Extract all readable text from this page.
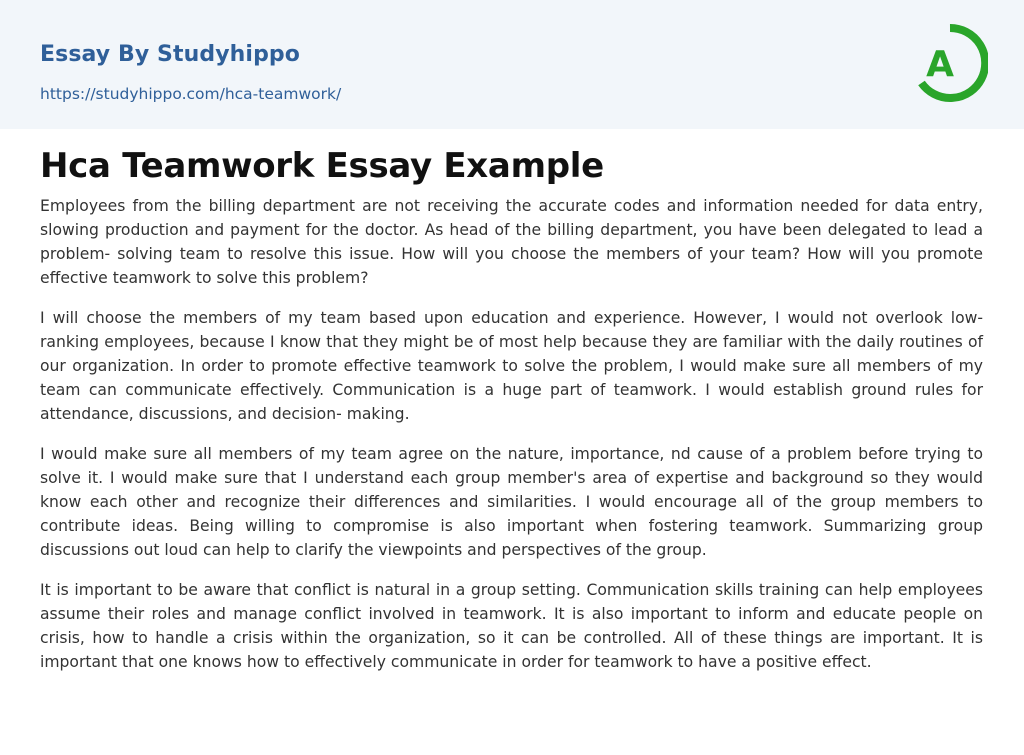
Essay By Studyhippo
https://studyhippo.com/hca-teamwork/
A
Hca Teamwork Essay Example

Employees from the billing department are not receiving the accurate codes and information needed for data entry, slowing production and payment for the doctor. As head of the billing department, you have been delegated to lead a problem- solving team to resolve this issue. How will you choose the members of your team? How will you promote effective teamwork to solve this problem?

I will choose the members of my team based upon education and experience. However, I would not overlook low-ranking employees, because I know that they might be of most help because they are familiar with the daily routines of our organization. In order to promote effective teamwork to solve the problem, I would make sure all members of my team can communicate effectively. Communication is a huge part of teamwork. I would establish ground rules for attendance, discussions, and decision- making.

I would make sure all members of my team agree on the nature, importance, nd cause of a problem before trying to solve it. I would make sure that I understand each group member's area of expertise and background so they would know each other and recognize their differences and similarities. I would encourage all of the group members to contribute ideas. Being willing to compromise is also important when fostering teamwork. Summarizing group discussions out loud can help to clarify the viewpoints and perspectives of the group.

It is important to be aware that conflict is natural in a group setting. Communication skills training can help employees assume their roles and manage conflict involved in teamwork. It is also important to inform and educate people on crisis, how to handle a crisis within the organization, so it can be controlled. All of these things are important. It is important that one knows how to effectively communicate in order for teamwork to have a positive effect.
